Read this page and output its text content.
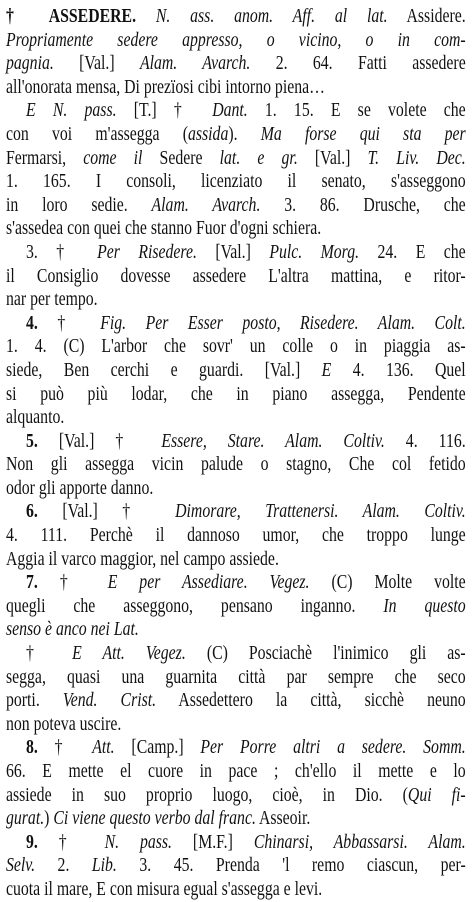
† ASSEDERE. N. ass. anom. Aff. al lat. Assidere.
Propriamente sedere appresso, o vicino, o in com-
pagnia. [Val.] Alam. Avarch. 2. 64. Fatti assedere
all'onorata mensa, Di prezïosi cibi intorno piena…
E N. pass. [T.] † Dant. 1. 15. E se volete che
con voi m'assegga (assida). Ma forse qui sta per
Fermarsi, come il Sedere lat. e gr. [Val.] T. Liv. Dec.
1. 165. I consoli, licenziato il senato, s'asseggono
in loro sedie. Alam. Avarch. 3. 86. Drusche, che
s'assedea con quei che stanno Fuor d'ogni schiera.
3. † Per Risedere. [Val.] Pulc. Morg. 24. E che
il Consiglio dovesse assedere L'altra mattina, e ritor-
nar per tempo.
4. † Fig. Per Esser posto, Risedere. Alam. Colt.
1. 4. (C) L'arbor che sovr' un colle o in piaggia as-
siede, Ben cerchi e guardi. [Val.] E 4. 136. Quel
si può più lodar, che in piano assegga, Pendente
alquanto.
5. [Val.] † Essere, Stare. Alam. Coltiv. 4. 116.
Non gli assegga vicin palude o stagno, Che col fetido
odor gli apporte danno.
6. [Val.] † Dimorare, Trattenersi. Alam. Coltiv.
4. 111. Perchè il dannoso umor, che troppo lunge
Aggia il varco maggior, nel campo assiede.
7. † E per Assediare. Vegez. (C) Molte volte
quegli che asseggono, pensano inganno. In questo
senso è anco nei Lat.
† E Att. Vegez. (C) Posciachè l'inimico gli as-
segga, quasi una guarnita città par sempre che seco
porti. Vend. Crist. Assedettero la città, sicchè neuno
non poteva uscire.
8. † Att. [Camp.] Per Porre altri a sedere. Somm.
66. E mette el cuore in pace ; ch'ello il mette e lo
assiede in suo proprio luogo, cioè, in Dio. (Qui fi-
gurat.) Ci viene questo verbo dal franc. Asseoir.
9. † N. pass. [M.F.] Chinarsi, Abbassarsi. Alam.
Selv. 2. Lib. 3. 45. Prenda 'l remo ciascun, per-
cuota il mare, E con misura egual s'assegga e levi.
